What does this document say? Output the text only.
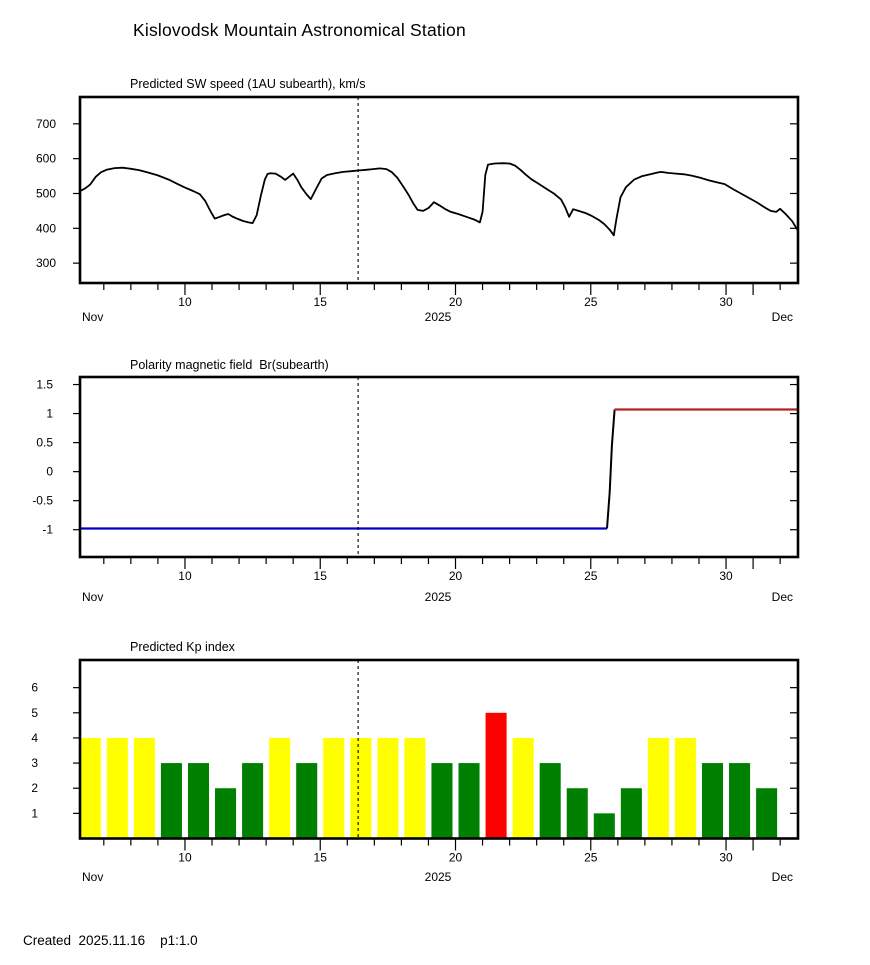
Kislovodsk Mountain Astronomical Station
Predicted SW speed (1AU subearth), km/s
Polarity magnetic field  Br(subearth)
Predicted Kp index
10	15	20	25	30
300
400
500
600
700
10	15	20	25	30
-1
-0.5
0
0.5
1
1.5
10	15	20	25	30
1
2
3
4
5
6

Nov

	2025

	Dec

Nov

	2025

	Dec

Nov

	2025

	Dec

Created  2025.11.16    p1:1.0
